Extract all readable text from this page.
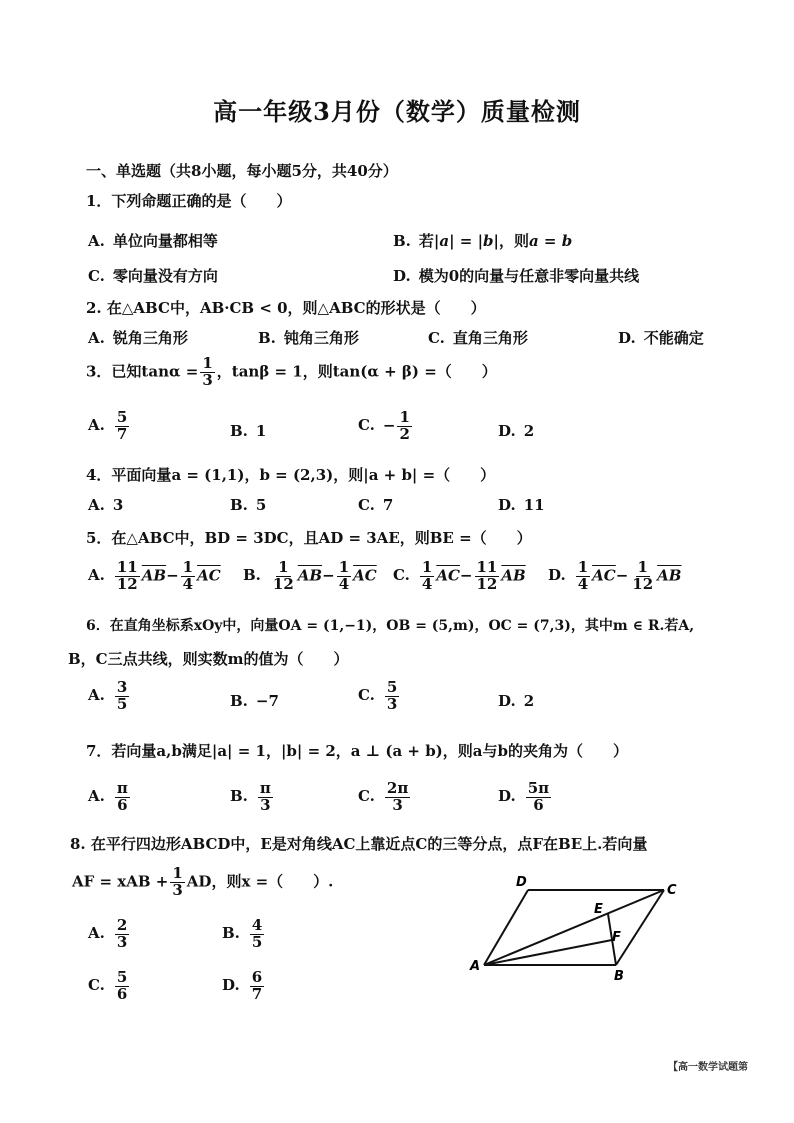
高一年级3月份（数学）质量检测
一、单选题（共8小题，每小题5分，共40分）
1．下列命题正确的是（　　）
A. 单位向量都相等	B. 若|a| = |b|，则a = b
C. 零向量没有方向	D. 模为0的向量与任意非零向量共线
2. 在△ABC中，AB·CB < 0，则△ABC的形状是（　　）
A. 锐角三角形	B. 钝角三角形	C. 直角三角形	D. 不能确定
3．已知$\tan\alpha = \frac{1}{3}$ ，tanβ = 1，则tan(α + β) =（　　）
A. $\frac{5}{7}$	B. 1	C. − $\frac{1}{2}$	D. 2
4．平面向量a = (1,1)，b = (2,3)，则|a + b| =（　　）
A. 3	B. 5	C. 7	D. 11
5．在△ABC中，BD = 3DC，且AD = 3AE，则BE =（　　）
A. $\frac{11}{12} \overline{AB}- \frac{1}{4} \overline{AC}$ B. $\frac{1}{12} \overline{AB}- \frac{1}{4} \overline{AC}$ C. $\frac{1}{4} \overline{AC}- \frac{11}{12} \overline{AB}$ D. $\frac{1}{4} \overline{AC}- \frac{1}{12} \overline{AB}$
6．在直角坐标系xOy中，向量OA = (1,−1)，OB = (5,m)，OC = (7,3)，其中m ∈ R.若A,
B，C三点共线，则实数m的值为（　　）
A. $\frac{3}{5}$	B. −7	C. $\frac{5}{3}$	D. 2
7．若向量a,b满足|a| = 1，|b| = 2，a ⊥ (a + b)，则a与b的夹角为（　　）
A. $\frac{\pi}{6}$	B. $\frac{\pi}{3}$	C. $\frac{2\pi}{3}$	D. $\frac{5\pi}{6}$
8. 在平行四边形ABCD中，E是对角线AC上靠近点C的三等分点，点F在BE上.若向量
AF = xAB + $\frac{1}{3}$ AD，则x =（　　）.
A. $\frac{2}{3}$	B. $\frac{4}{5}$
C. $\frac{5}{6}$	D. $\frac{6}{7}$
D
C
E
F
A
B
【高一数学试题第
